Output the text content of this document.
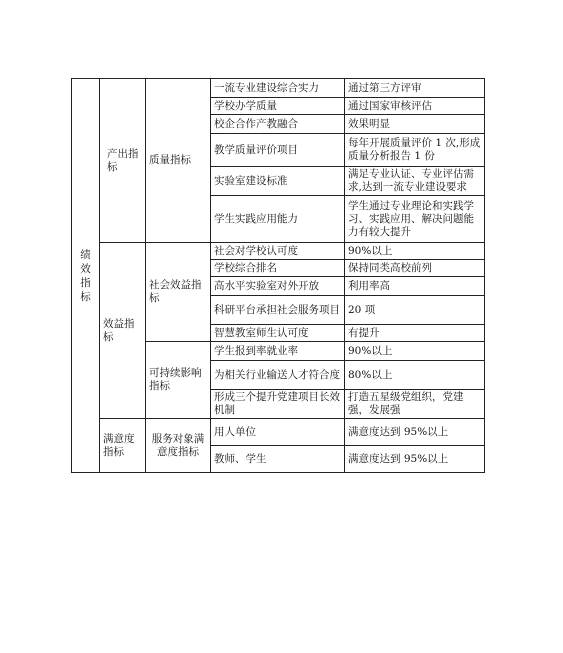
绩效指标	产出指标	质量指标	一流专业建设综合实力	通过第三方评审
			学校办学质量	通过国家审核评估
			校企合作产教融合	效果明显
			教学质量评价项目	每年开展质量评价 1 次,形成质量分析报告 1 份
			实验室建设标准	满足专业认证、专业评估需求,达到一流专业建设要求
			学生实践应用能力	学生通过专业理论和实践学习、实践应用、解决问题能力有较大提升

	效益指标	社会效益指标	社会对学校认可度	90%以上
			学校综合排名	保持同类高校前列
			高水平实验室对外开放	利用率高
			科研平台承担社会服务项目	20 项
			智慧教室师生认可度	有提升

		可持续影响 指标	学生报到率就业率	90%以上
			为相关行业输送人才符合度	80%以上
			形成三个提升党建项目长效机制	打造五星级党组织，党建强，发展强

	满意度指标	服务对象满意度指标	用人单位	满意度达到 95%以上
			教师、学生	满意度达到 95%以上
